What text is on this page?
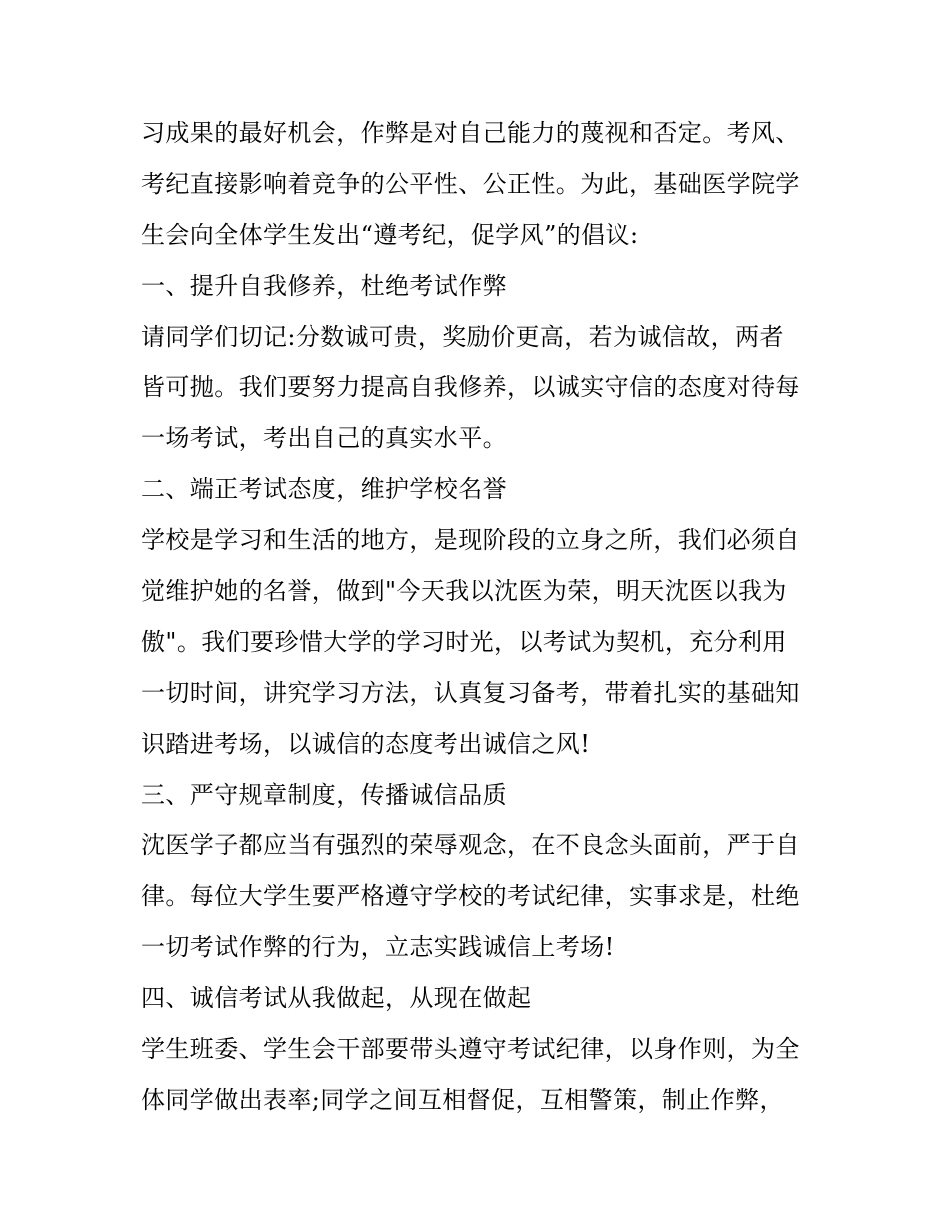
习成果的最好机会，作弊是对自己能力的蔑视和否定。考风、
考纪直接影响着竞争的公平性、公正性。为此，基础医学院学
生会向全体学生发出“遵考纪，促学风”的倡议:
一、提升自我修养，杜绝考试作弊
请同学们切记:分数诚可贵，奖励价更高，若为诚信故，两者
皆可抛。我们要努力提高自我修养，以诚实守信的态度对待每
一场考试，考出自己的真实水平。
二、端正考试态度，维护学校名誉
学校是学习和生活的地方，是现阶段的立身之所，我们必须自
觉维护她的名誉，做到"今天我以沈医为荣，明天沈医以我为
傲"。我们要珍惜大学的学习时光，以考试为契机，充分利用
一切时间，讲究学习方法，认真复习备考，带着扎实的基础知
识踏进考场，以诚信的态度考出诚信之风!
三、严守规章制度，传播诚信品质
沈医学子都应当有强烈的荣辱观念，在不良念头面前，严于自
律。每位大学生要严格遵守学校的考试纪律，实事求是，杜绝
一切考试作弊的行为，立志实践诚信上考场!
四、诚信考试从我做起，从现在做起
学生班委、学生会干部要带头遵守考试纪律，以身作则，为全
体同学做出表率;同学之间互相督促，互相警策，制止作弊，
